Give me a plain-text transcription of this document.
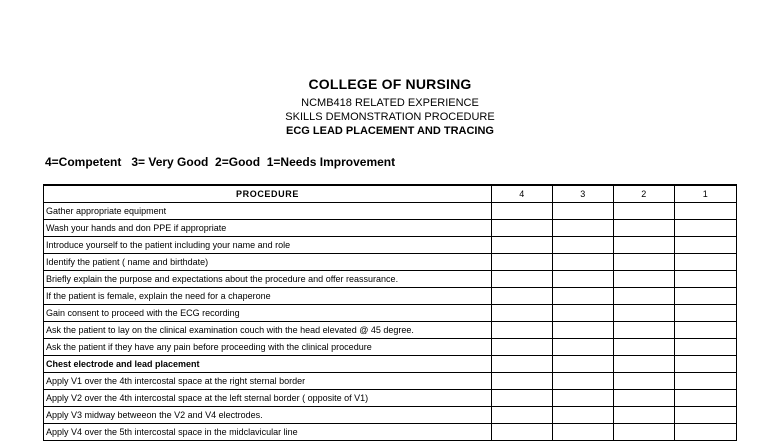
COLLEGE OF NURSING
NCMB418 RELATED EXPERIENCE
SKILLS DEMONSTRATION PROCEDURE
ECG LEAD PLACEMENT AND TRACING
4=Competent   3= Very Good  2=Good  1=Needs Improvement
PROCEDURE	4	3	2	1
Gather appropriate equipment				
Wash your hands and don PPE if appropriate				
Introduce yourself to the patient including your name and role				
Identify the patient ( name and birthdate)				
Briefly explain the purpose and expectations about the procedure and offer reassurance.				
If the patient is female, explain the need for a chaperone				
Gain consent to proceed with the ECG recording				
Ask the patient to lay on the clinical examination couch with the head elevated @ 45 degree.				
Ask the patient if they have any pain before proceeding with the clinical procedure				
Chest electrode and lead placement				
Apply V1 over the 4th intercostal space at the right sternal border				
Apply V2 over the 4th intercostal space at the left sternal border ( opposite of V1)				
Apply V3 midway betweeon the V2 and V4 electrodes.				
Apply V4 over the 5th intercostal space in the midclavicular line				
